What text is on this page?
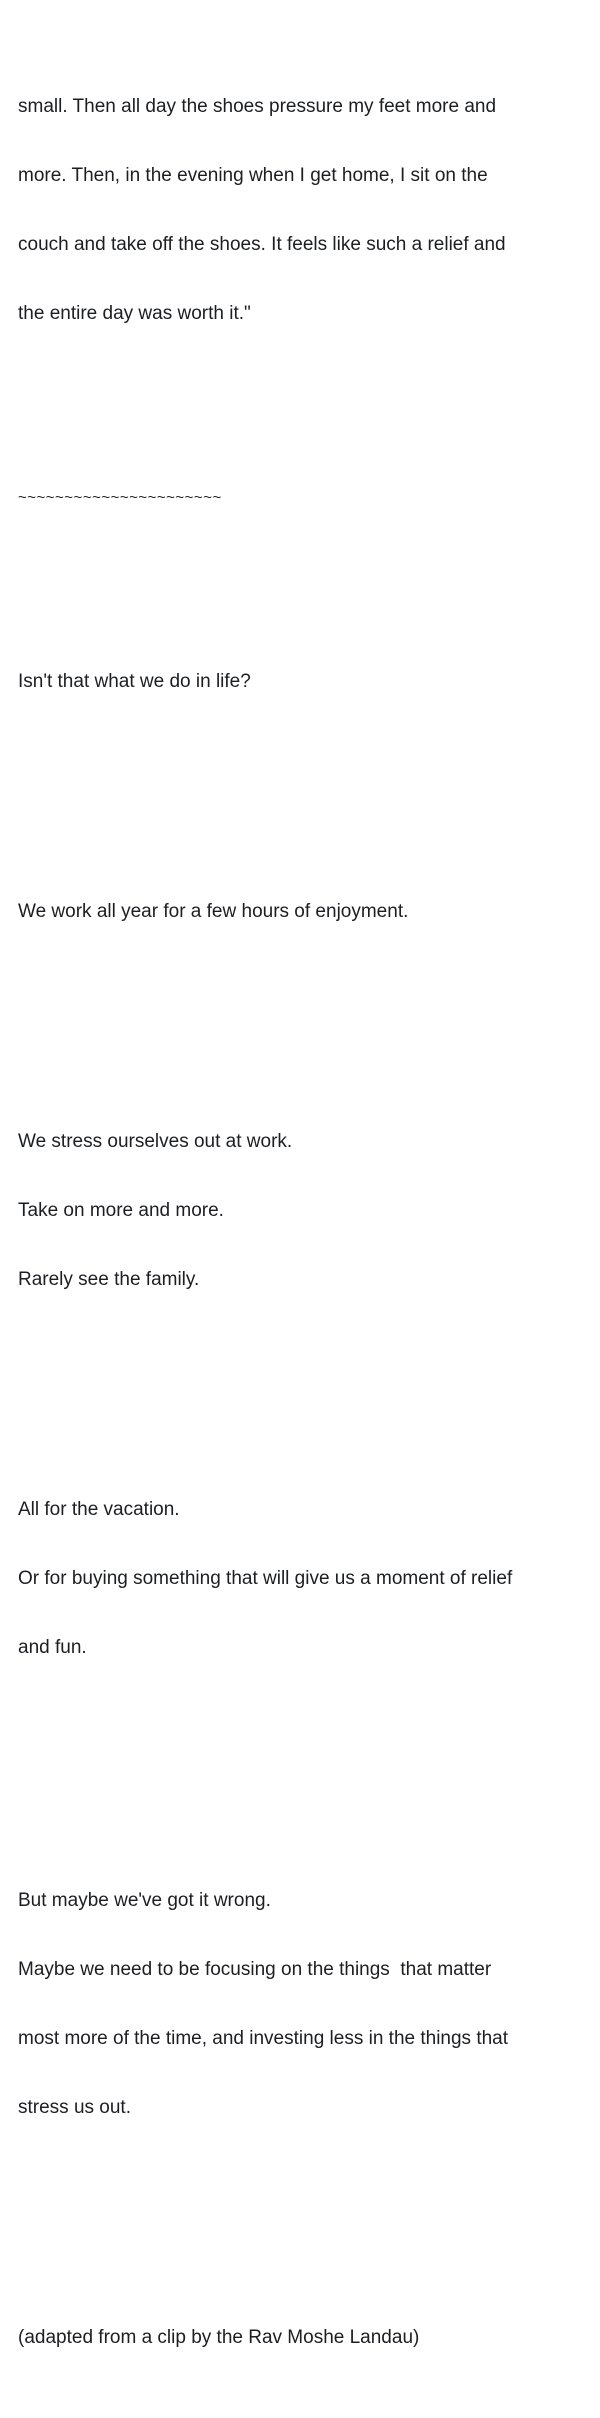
small. Then all day the shoes pressure my feet more and

more. Then, in the evening when I get home, I sit on the

couch and take off the shoes. It feels like such a relief and

the entire day was worth it."

~~~~~~~~~~~~~~~~~~~~~~

Isn't that what we do in life?

We work all year for a few hours of enjoyment.

We stress ourselves out at work.

Take on more and more.

Rarely see the family.

All for the vacation.

Or for buying something that will give us a moment of relief

and fun.

But maybe we've got it wrong.

Maybe we need to be focusing on the things  that matter

most more of the time, and investing less in the things that

stress us out.

(adapted from a clip by the Rav Moshe Landau)
